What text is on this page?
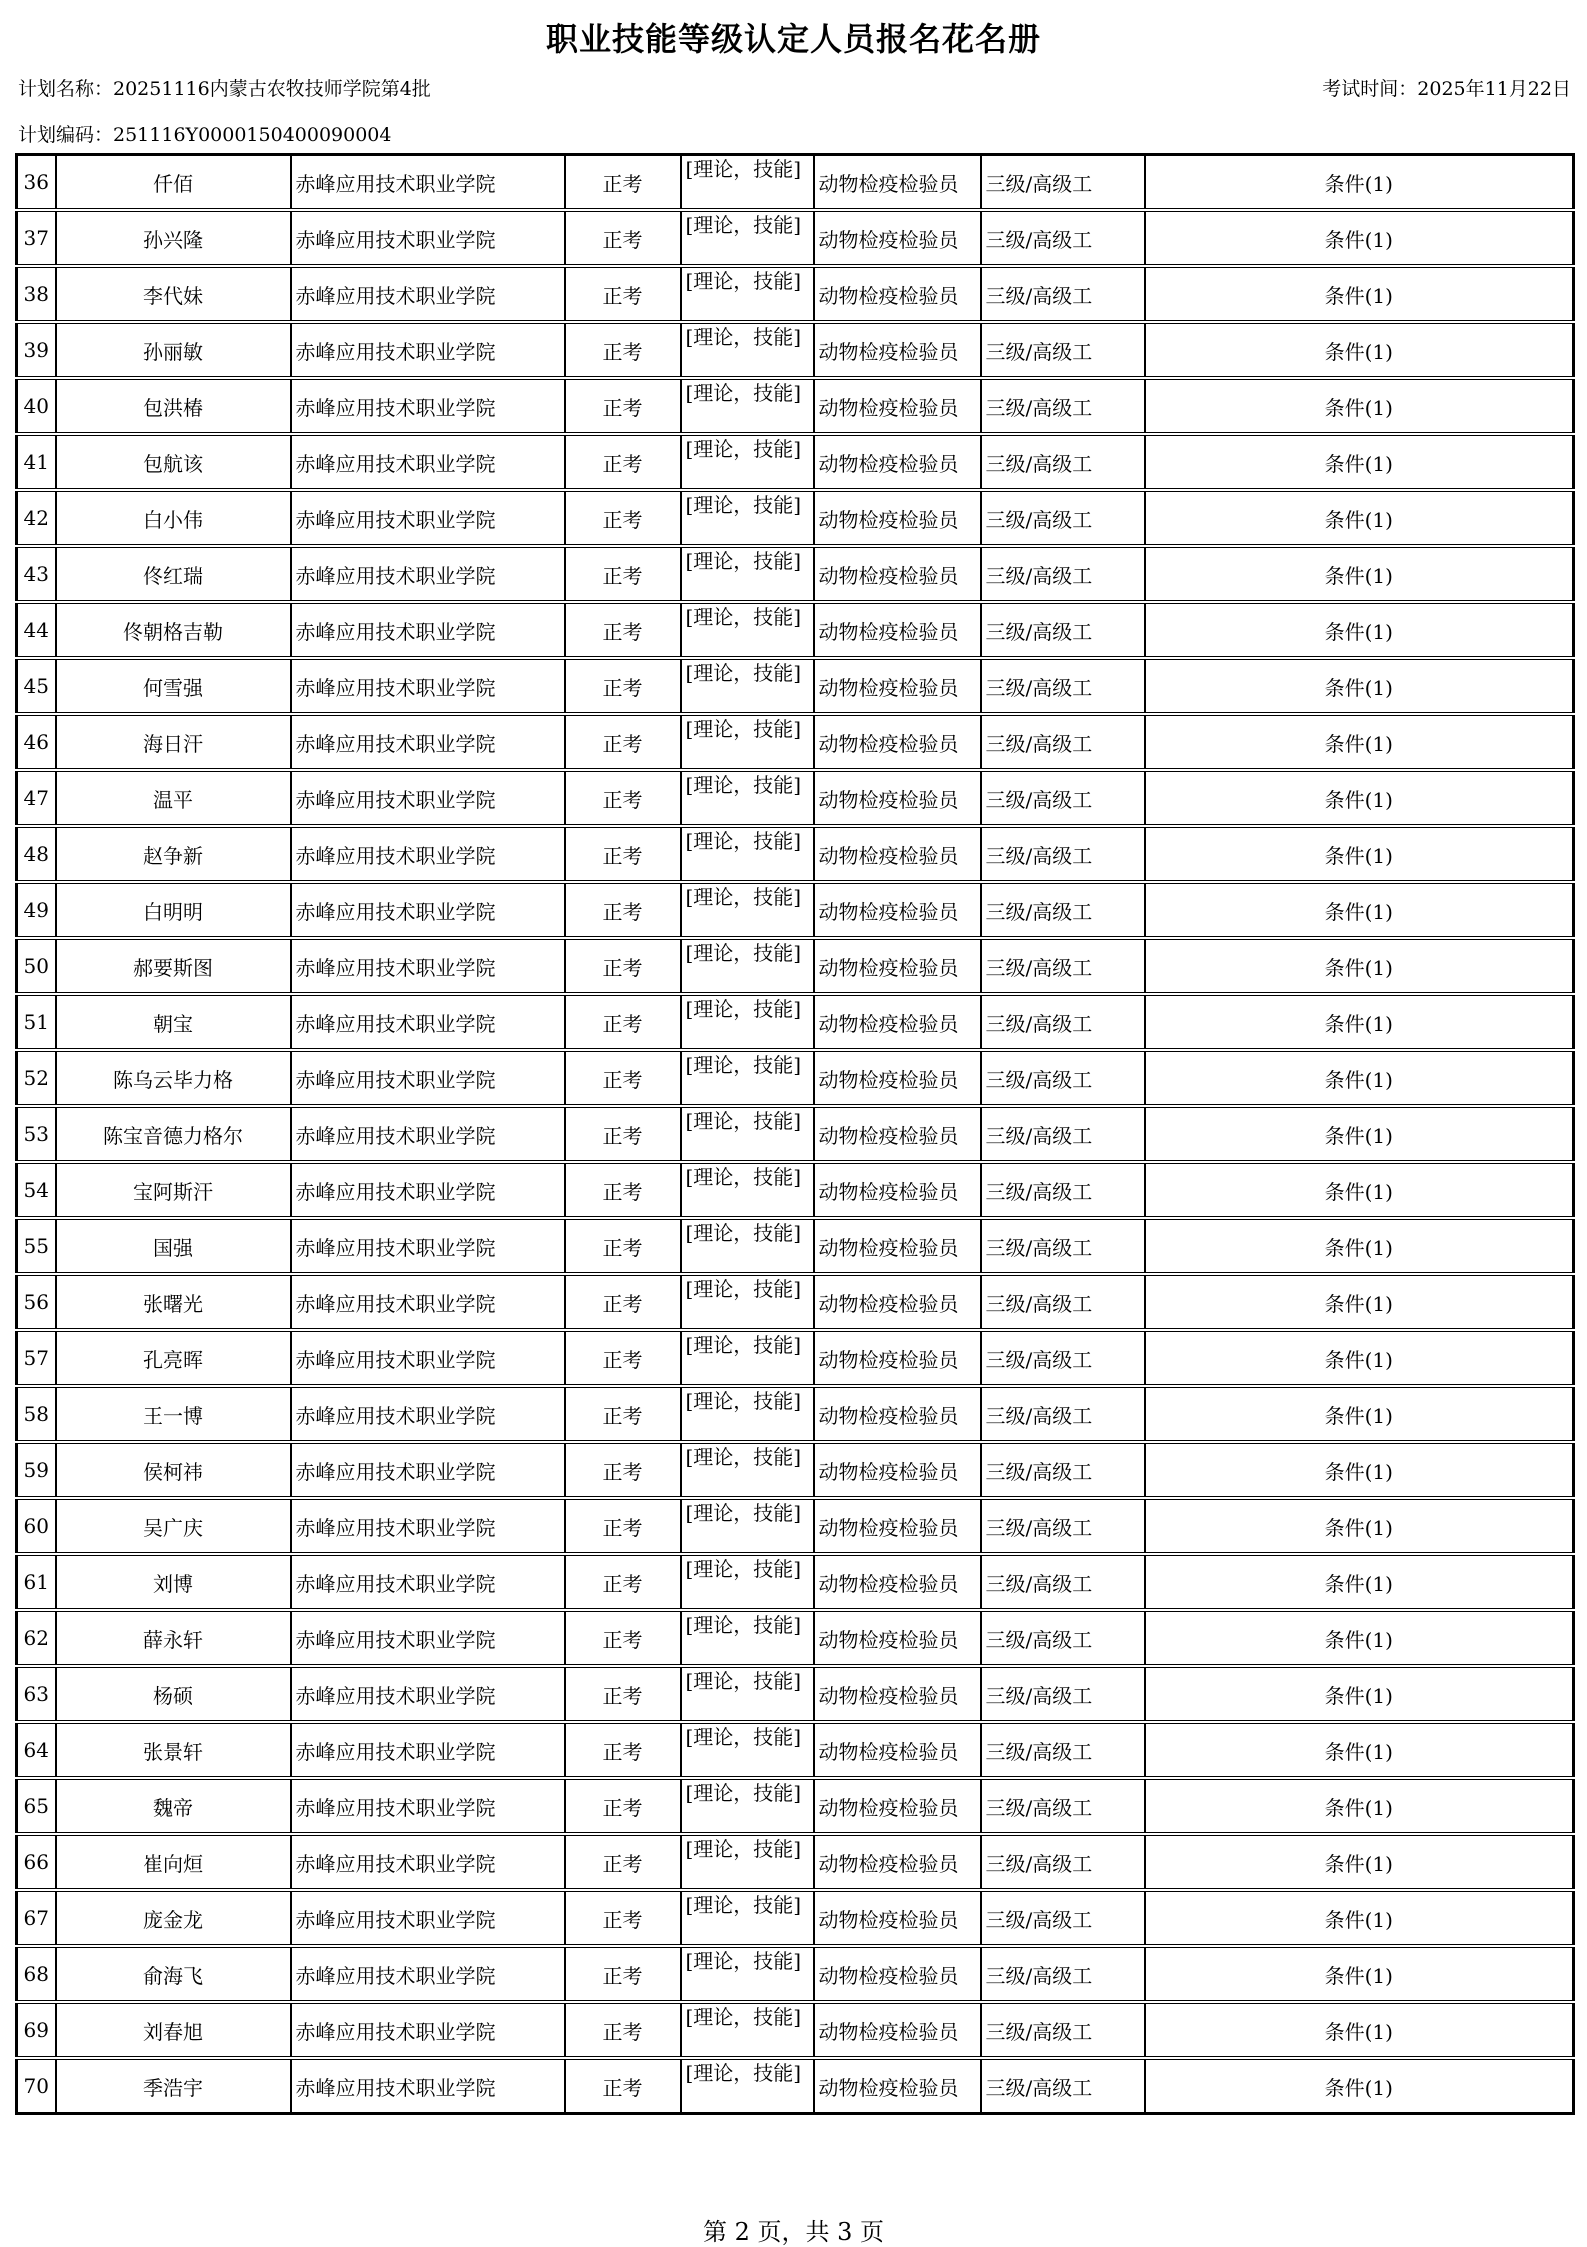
职业技能等级认定人员报名花名册
计划名称：20251116内蒙古农牧技师学院第4批	考试时间：2025年11月22日
计划编码：251116Y0000150400090004
36	仟佰	赤峰应用技术职业学院	正考	[理论，技能]	动物检疫检验员	三级/高级工	条件(1)
37	孙兴隆	赤峰应用技术职业学院	正考	[理论，技能]	动物检疫检验员	三级/高级工	条件(1)
38	李代妹	赤峰应用技术职业学院	正考	[理论，技能]	动物检疫检验员	三级/高级工	条件(1)
39	孙丽敏	赤峰应用技术职业学院	正考	[理论，技能]	动物检疫检验员	三级/高级工	条件(1)
40	包洪椿	赤峰应用技术职业学院	正考	[理论，技能]	动物检疫检验员	三级/高级工	条件(1)
41	包航该	赤峰应用技术职业学院	正考	[理论，技能]	动物检疫检验员	三级/高级工	条件(1)
42	白小伟	赤峰应用技术职业学院	正考	[理论，技能]	动物检疫检验员	三级/高级工	条件(1)
43	佟红瑞	赤峰应用技术职业学院	正考	[理论，技能]	动物检疫检验员	三级/高级工	条件(1)
44	佟朝格吉勒	赤峰应用技术职业学院	正考	[理论，技能]	动物检疫检验员	三级/高级工	条件(1)
45	何雪强	赤峰应用技术职业学院	正考	[理论，技能]	动物检疫检验员	三级/高级工	条件(1)
46	海日汗	赤峰应用技术职业学院	正考	[理论，技能]	动物检疫检验员	三级/高级工	条件(1)
47	温平	赤峰应用技术职业学院	正考	[理论，技能]	动物检疫检验员	三级/高级工	条件(1)
48	赵争新	赤峰应用技术职业学院	正考	[理论，技能]	动物检疫检验员	三级/高级工	条件(1)
49	白明明	赤峰应用技术职业学院	正考	[理论，技能]	动物检疫检验员	三级/高级工	条件(1)
50	郝要斯图	赤峰应用技术职业学院	正考	[理论，技能]	动物检疫检验员	三级/高级工	条件(1)
51	朝宝	赤峰应用技术职业学院	正考	[理论，技能]	动物检疫检验员	三级/高级工	条件(1)
52	陈乌云毕力格	赤峰应用技术职业学院	正考	[理论，技能]	动物检疫检验员	三级/高级工	条件(1)
53	陈宝音德力格尔	赤峰应用技术职业学院	正考	[理论，技能]	动物检疫检验员	三级/高级工	条件(1)
54	宝阿斯汗	赤峰应用技术职业学院	正考	[理论，技能]	动物检疫检验员	三级/高级工	条件(1)
55	国强	赤峰应用技术职业学院	正考	[理论，技能]	动物检疫检验员	三级/高级工	条件(1)
56	张曙光	赤峰应用技术职业学院	正考	[理论，技能]	动物检疫检验员	三级/高级工	条件(1)
57	孔亮晖	赤峰应用技术职业学院	正考	[理论，技能]	动物检疫检验员	三级/高级工	条件(1)
58	王一博	赤峰应用技术职业学院	正考	[理论，技能]	动物检疫检验员	三级/高级工	条件(1)
59	侯柯祎	赤峰应用技术职业学院	正考	[理论，技能]	动物检疫检验员	三级/高级工	条件(1)
60	吴广庆	赤峰应用技术职业学院	正考	[理论，技能]	动物检疫检验员	三级/高级工	条件(1)
61	刘博	赤峰应用技术职业学院	正考	[理论，技能]	动物检疫检验员	三级/高级工	条件(1)
62	薛永轩	赤峰应用技术职业学院	正考	[理论，技能]	动物检疫检验员	三级/高级工	条件(1)
63	杨硕	赤峰应用技术职业学院	正考	[理论，技能]	动物检疫检验员	三级/高级工	条件(1)
64	张景轩	赤峰应用技术职业学院	正考	[理论，技能]	动物检疫检验员	三级/高级工	条件(1)
65	魏帝	赤峰应用技术职业学院	正考	[理论，技能]	动物检疫检验员	三级/高级工	条件(1)
66	崔向烜	赤峰应用技术职业学院	正考	[理论，技能]	动物检疫检验员	三级/高级工	条件(1)
67	庞金龙	赤峰应用技术职业学院	正考	[理论，技能]	动物检疫检验员	三级/高级工	条件(1)
68	俞海飞	赤峰应用技术职业学院	正考	[理论，技能]	动物检疫检验员	三级/高级工	条件(1)
69	刘春旭	赤峰应用技术职业学院	正考	[理论，技能]	动物检疫检验员	三级/高级工	条件(1)
70	季浩宇	赤峰应用技术职业学院	正考	[理论，技能]	动物检疫检验员	三级/高级工	条件(1)
第 2 页，共 3 页
